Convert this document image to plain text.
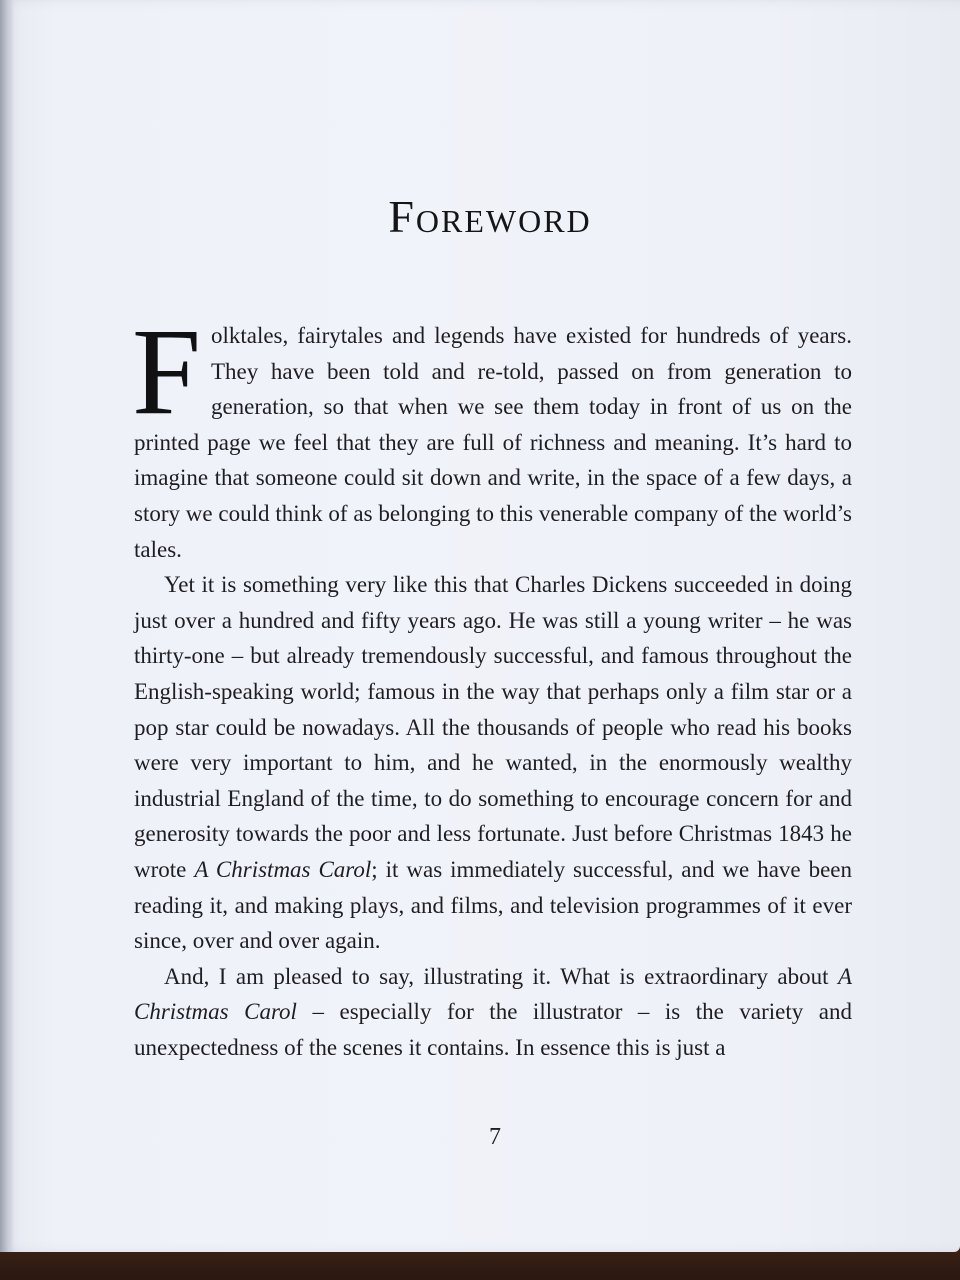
Foreword

Folktales, fairytales and legends have existed for hundreds of years. They have been told and re-told, passed on from generation to generation, so that when we see them today in front of us on the printed page we feel that they are full of richness and meaning. It’s hard to imagine that someone could sit down and write, in the space of a few days, a story we could think of as belonging to this venerable company of the world’s tales.

Yet it is something very like this that Charles Dickens succeeded in doing just over a hundred and fifty years ago. He was still a young writer – he was thirty-one – but already tremendously successful, and famous throughout the English-speaking world; famous in the way that perhaps only a film star or a pop star could be nowadays. All the thousands of people who read his books were very important to him, and he wanted, in the enormously wealthy industrial England of the time, to do something to encourage concern for and generosity towards the poor and less fortunate. Just before Christmas 1843 he wrote A Christmas Carol; it was immediately successful, and we have been reading it, and making plays, and films, and television programmes of it ever since, over and over again.

And, I am pleased to say, illustrating it. What is extraordinary about A Christmas Carol – especially for the illustrator – is the variety and unexpectedness of the scenes it contains. In essence this is just a

7
